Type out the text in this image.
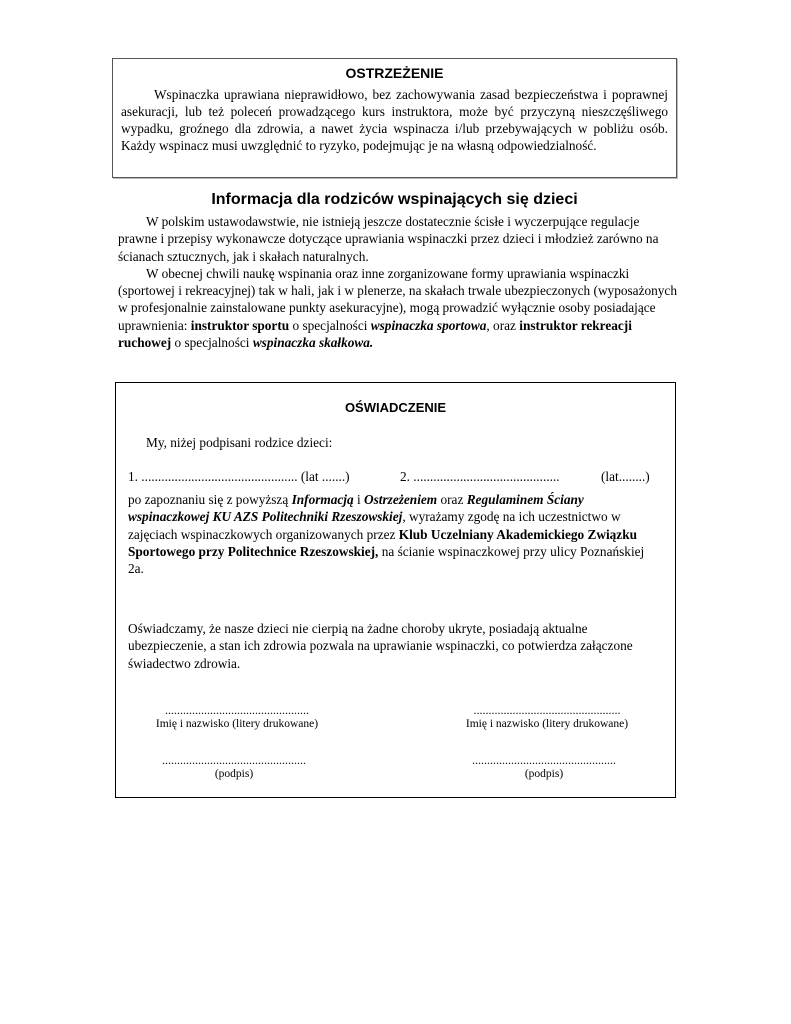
OSTRZEŻENIE

Wspinaczka uprawiana nieprawidłowo, bez zachowywania zasad bezpieczeństwa i poprawnej asekuracji, lub też poleceń prowadzącego kurs instruktora, może być przyczyną nieszczęśliwego wypadku, groźnego dla zdrowia, a nawet życia wspinacza i/lub przebywających w pobliżu osób. Każdy wspinacz musi uwzględnić to ryzyko, podejmując je na własną odpowiedzialność.

Informacja dla rodziców wspinających się dzieci

W polskim ustawodawstwie, nie istnieją jeszcze dostatecznie ścisłe i wyczerpujące regulacje prawne i przepisy wykonawcze dotyczące uprawiania wspinaczki przez dzieci i młodzież zarówno na ścianach sztucznych, jak i skałach naturalnych.

W obecnej chwili naukę wspinania oraz inne zorganizowane formy uprawiania wspinaczki (sportowej i rekreacyjnej) tak w hali, jak i w plenerze, na skałach trwale ubezpieczonych (wyposażonych w profesjonalnie zainstalowane punkty asekuracyjne), mogą prowadzić wyłącznie osoby posiadające uprawnienia: instruktor sportu o specjalności wspinaczka sportowa, oraz instruktor rekreacji ruchowej o specjalności wspinaczka skałkowa.

OŚWIADCZENIE

My, niżej podpisani rodzice dzieci:

1. ............................................... (lat .......)	2. ............................................	(lat........)

po zapoznaniu się z powyższą Informacją i Ostrzeżeniem oraz Regulaminem Ściany wspinaczkowej KU AZS Politechniki Rzeszowskiej, wyrażamy zgodę na ich uczestnictwo w zajęciach wspinaczkowych organizowanych przez Klub Uczelniany Akademickiego Związku Sportowego przy Politechnice Rzeszowskiej, na ścianie wspinaczkowej przy ulicy Poznańskiej 2a.

Oświadczamy, że nasze dzieci nie cierpią na żadne choroby ukryte, posiadają aktualne ubezpieczenie, a stan ich zdrowia pozwala na uprawianie wspinaczki, co potwierdza załączone świadectwo zdrowia.

................................................
Imię i nazwisko (litery drukowane)
.................................................
Imię i nazwisko (litery drukowane)
................................................
(podpis)
................................................
(podpis)
